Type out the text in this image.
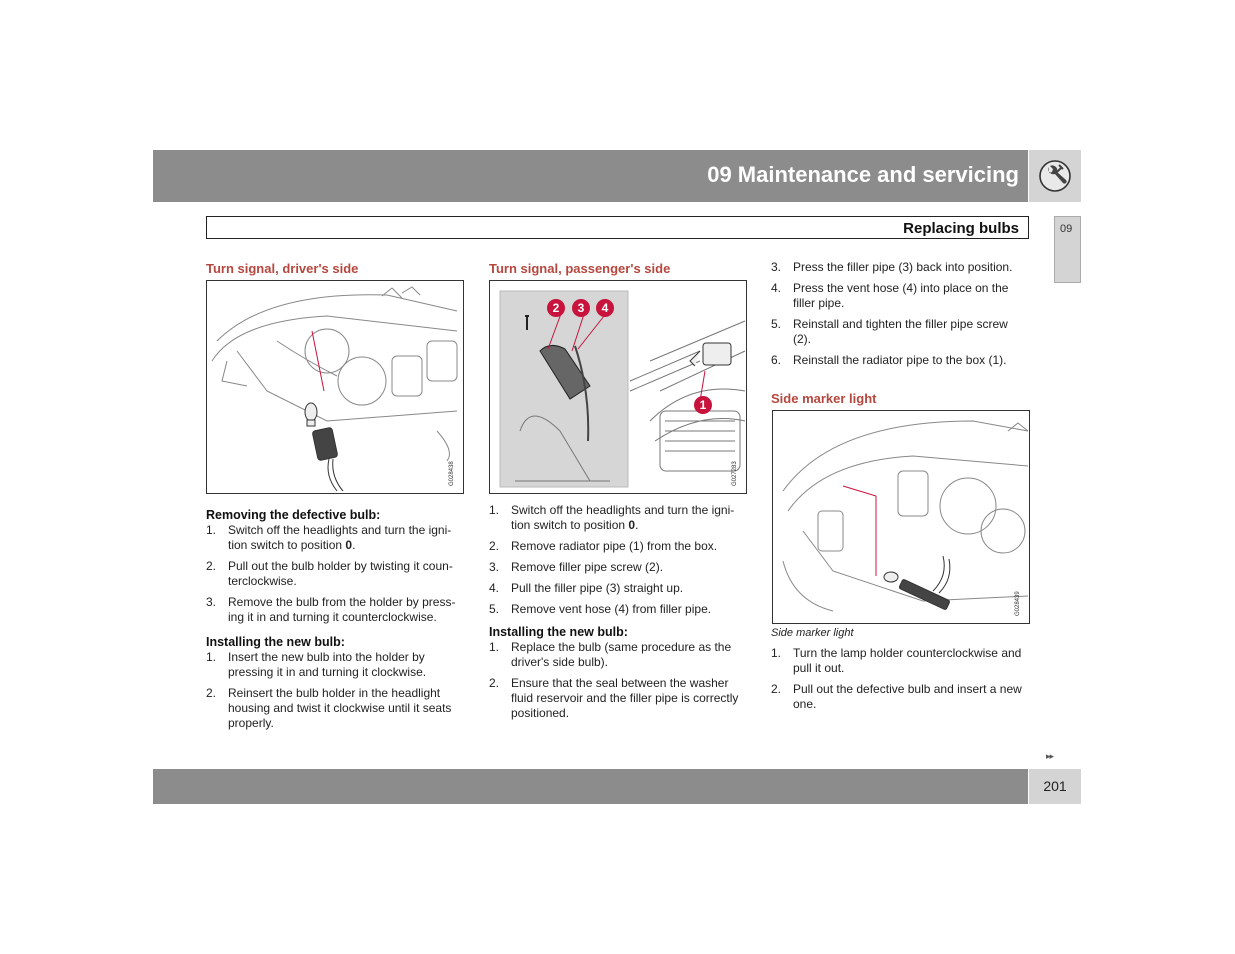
09 Maintenance and servicing
Replacing bulbs	09
Turn signal, driver's side
G028438

Removing the defective bulb:

1. Switch off the headlights and turn the ignition switch to position 0.
2. Pull out the bulb holder by twisting it counterclockwise.
3. Remove the bulb from the holder by pressing it in and turning it counterclockwise.

Installing the new bulb:

1. Insert the new bulb into the holder by pressing it in and turning it clockwise.
2. Reinsert the bulb holder in the headlight housing and twist it clockwise until it seats properly.
Turn signal, passenger's side
2 3 4
1
G027283
1. Switch off the headlights and turn the ignition switch to position 0.
2. Remove radiator pipe (1) from the box.
3. Remove filler pipe screw (2).
4. Pull the filler pipe (3) straight up.
5. Remove vent hose (4) from filler pipe.

Installing the new bulb:

1. Replace the bulb (same procedure as the driver's side bulb).
2. Ensure that the seal between the washer fluid reservoir and the filler pipe is correctly positioned.
3. Press the filler pipe (3) back into position.
4. Press the vent hose (4) into place on the filler pipe.
5. Reinstall and tighten the filler pipe screw (2).
6. Reinstall the radiator pipe to the box (1).
Side marker light
G028439
Side marker light
1. Turn the lamp holder counterclockwise and pull it out.
2. Pull out the defective bulb and insert a new one.
▸▸
201
